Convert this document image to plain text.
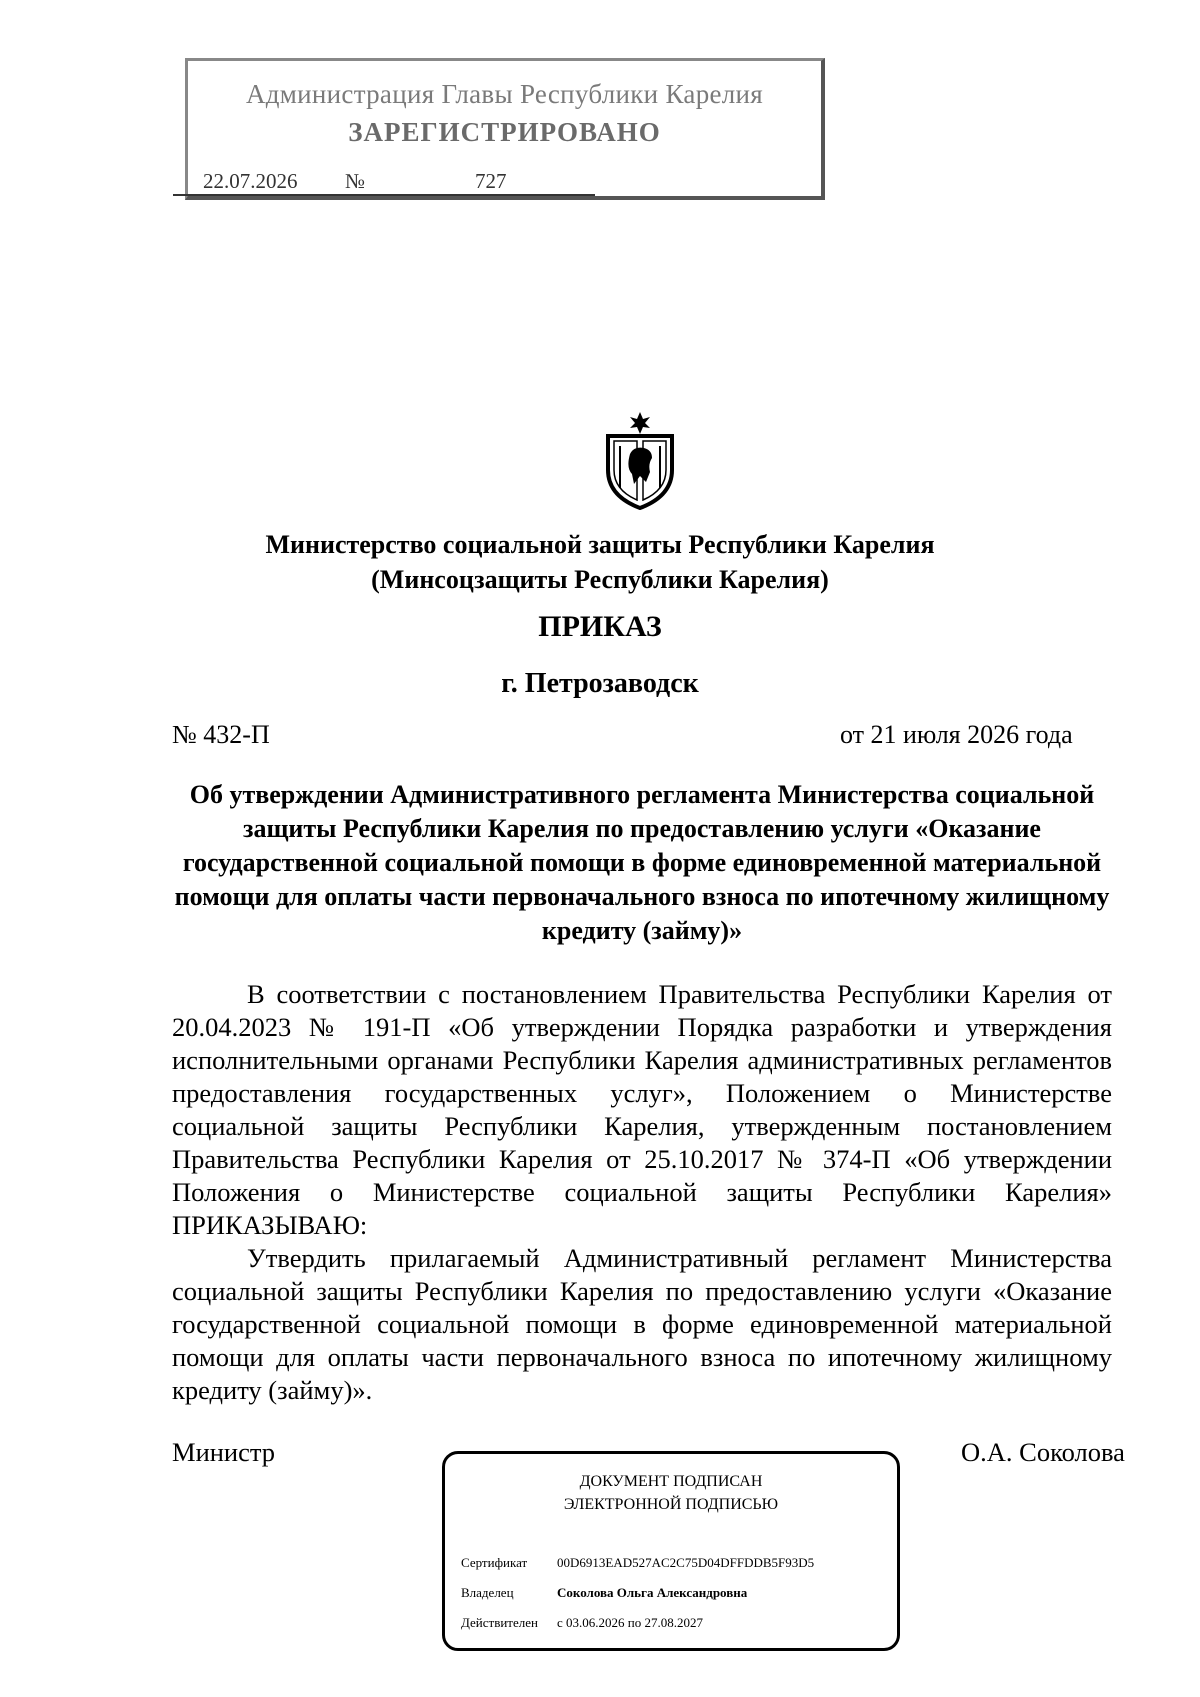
Администрация Главы Республики Карелия
ЗАРЕГИСТРИРОВАНО
22.07.2026 №	727
Министерство социальной защиты Республики Карелия
(Минсоцзащиты Республики Карелия)
ПРИКАЗ
г. Петрозаводск
№ 432-П	от 21 июля 2026 года
Об утверждении Административного регламента Министерства социальной защиты Республики Карелия по предоставлению услуги «Оказание государственной социальной помощи в форме единовременной материальной помощи для оплаты части первоначального взноса по ипотечному жилищному кредиту (займу)»

В соответствии с постановлением Правительства Республики Карелия от 20.04.2023 № 191-П «Об утверждении Порядка разработки и утверждения исполнительными органами Республики Карелия административных регламентов предоставления государственных услуг», Положением о Министерстве социальной защиты Республики Карелия, утвержденным постановлением Правительства Республики Карелия от 25.10.2017 № 374-П «Об утверждении Положения о Министерстве социальной защиты Республики Карелия» ПРИКАЗЫВАЮ:

Утвердить прилагаемый Административный регламент Министерства социальной защиты Республики Карелия по предоставлению услуги «Оказание государственной социальной помощи в форме единовременной материальной помощи для оплаты части первоначального взноса по ипотечному жилищному кредиту (займу)».

Министр	О.А. Соколова
ДОКУМЕНТ ПОДПИСАН
ЭЛЕКТРОННОЙ ПОДПИСЬЮ
Сертификат 00D6913EAD527AC2C75D04DFFDDB5F93D5
Владелец	Соколова Ольга Александровна
Действителен с 03.06.2026 по 27.08.2027
